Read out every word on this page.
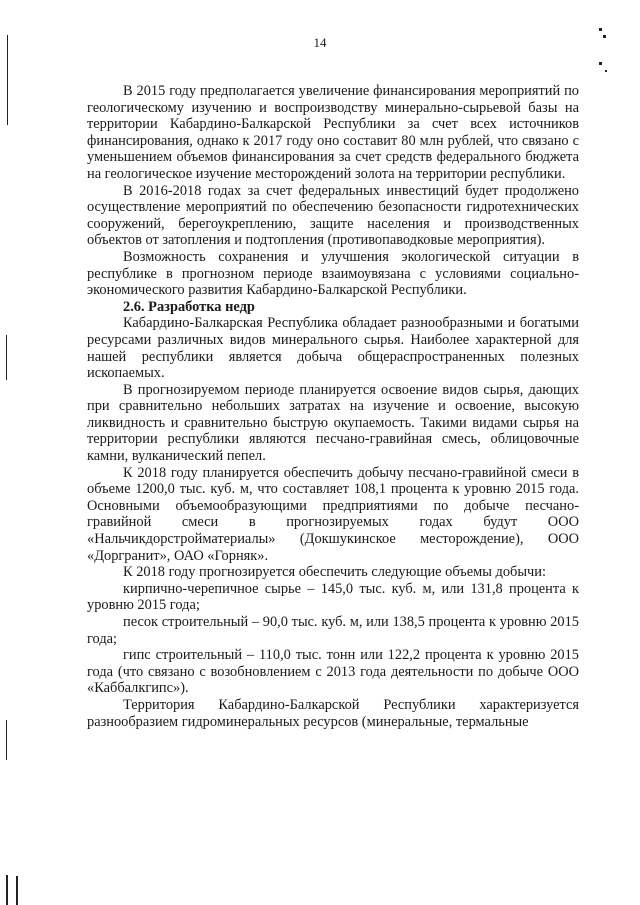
14

В 2015 году предполагается увеличение финансирования мероприятий по геологическому изучению и воспроизводству минерально-сырьевой базы на территории Кабардино-Балкарской Республики за счет всех источников финансирования, однако к 2017 году оно составит 80 млн рублей, что связано с уменьшением объемов финансирования за счет средств федерального бюджета на геологическое изучение месторождений золота на территории республики.

В 2016-2018 годах за счет федеральных инвестиций будет продолжено осуществление мероприятий по обеспечению безопасности гидротехнических сооружений, берегоукреплению, защите населения и производственных объектов от затопления и подтопления (противопаводковые мероприятия).

Возможность сохранения и улучшения экологической ситуации в республике в прогнозном периоде взаимоувязана с условиями социально-экономического развития Кабардино-Балкарской Республики.

2.6. Разработка недр

Кабардино-Балкарская Республика обладает разнообразными и богатыми ресурсами различных видов минерального сырья. Наиболее характерной для нашей республики является добыча общераспространенных полезных ископаемых.

В прогнозируемом периоде планируется освоение видов сырья, дающих при сравнительно небольших затратах на изучение и освоение, высокую ликвидность и сравнительно быструю окупаемость. Такими видами сырья на территории республики являются песчано-гравийная смесь, облицовочные камни, вулканический пепел.

К 2018 году планируется обеспечить добычу песчано-гравийной смеси в объеме 1200,0 тыс. куб. м, что составляет 108,1 процента к уровню 2015 года. Основными объемообразующими предприятиями по добыче песчано-гравийной смеси в прогнозируемых годах будут ООО «Нальчикдорстройматериалы» (Докшукинское месторождение), ООО «Доргранит», ОАО «Горняк».

К 2018 году прогнозируется обеспечить следующие объемы добычи:

кирпично-черепичное сырье – 145,0 тыс. куб. м, или 131,8 процента к уровню 2015 года;

песок строительный – 90,0 тыс. куб. м, или 138,5 процента к уровню 2015 года;

гипс строительный – 110,0 тыс. тонн или 122,2 процента к уровню 2015 года (что связано с возобновлением с 2013 года деятельности по добыче ООО «Каббалкгипс»).

Территория Кабардино-Балкарской Республики характеризуется разнообразием гидроминеральных ресурсов (минеральные, термальные
